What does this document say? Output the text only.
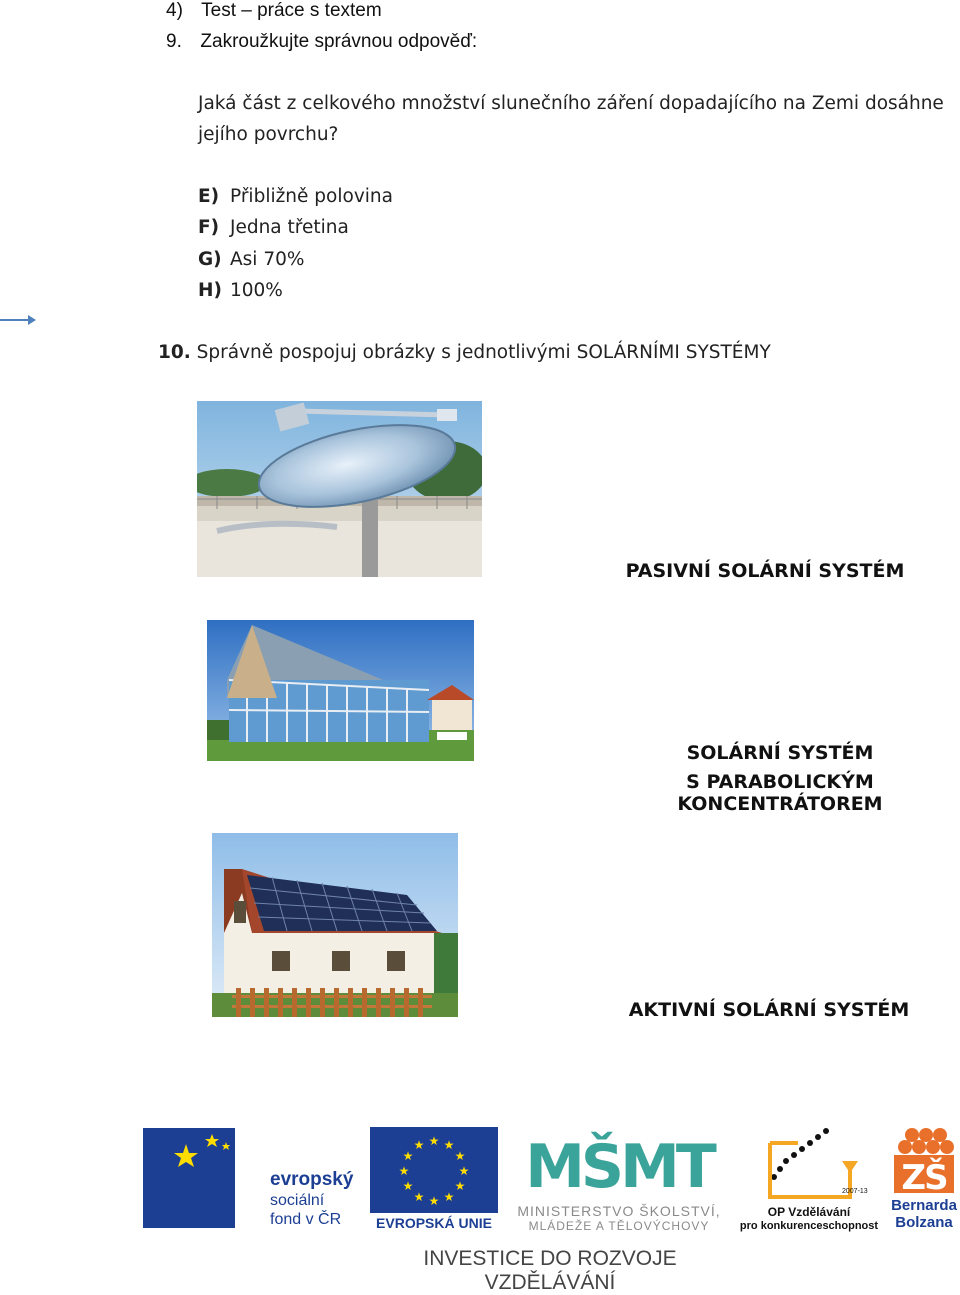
4) Test – práce s textem
9. Zakroužkujte správnou odpověď:
Jaká část z celkového množství slunečního záření dopadajícího na Zemi dosáhne
jejího povrchu?
E) Přibližně polovina
F) Jedna třetina
G) Asi 70%
H) 100%
10. Správně pospojuj obrázky s jednotlivými SOLÁRNÍMI SYSTÉMY
PASIVNÍ SOLÁRNÍ SYSTÉM
SOLÁRNÍ SYSTÉM
S PARABOLICKÝM KONCENTRÁTOREM
AKTIVNÍ SOLÁRNÍ SYSTÉM
esf	evropský
sociální
fond v ČR
★ ★
★
★
★
★
★
★
★
★
★
★
EVROPSKÁ UNIE
MŠMT
MINISTERSTVO ŠKOLSTVÍ,
MLÁDEŽE A TĚLOVÝCHOVY
2007-13
OP Vzdělávání
pro konkurenceschopnost
ZŠ
Bernarda
Bolzana
INVESTICE DO ROZVOJE VZDĚLÁVÁNÍ
